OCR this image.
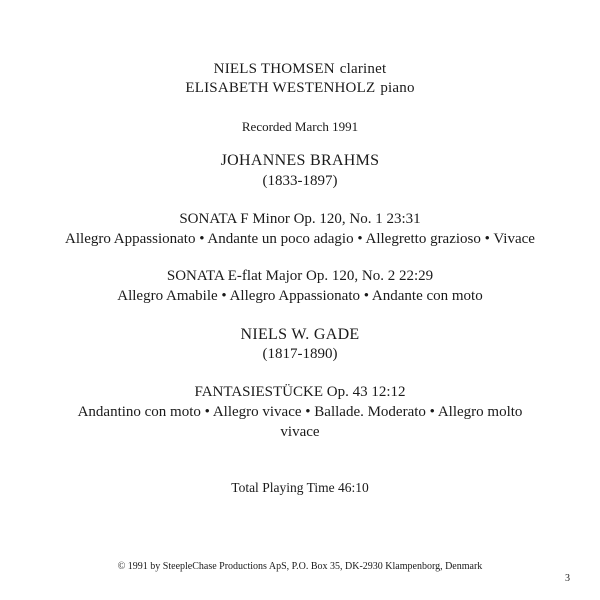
NIELS THOMSEN clarinet
ELISABETH WESTENHOLZ piano
Recorded March 1991
JOHANNES BRAHMS
(1833-1897)
SONATA F Minor Op. 120, No. 1 23:31
Allegro Appassionato • Andante un poco adagio • Allegretto grazioso • Vivace
SONATA E-flat Major Op. 120, No. 2 22:29
Allegro Amabile • Allegro Appassionato • Andante con moto
NIELS W. GADE
(1817-1890)
FANTASIESTÜCKE Op. 43 12:12
Andantino con moto • Allegro vivace • Ballade. Moderato • Allegro molto
vivace
Total Playing Time 46:10
© 1991 by SteepleChase Productions ApS, P.O. Box 35, DK-2930 Klampenborg, Denmark
3
